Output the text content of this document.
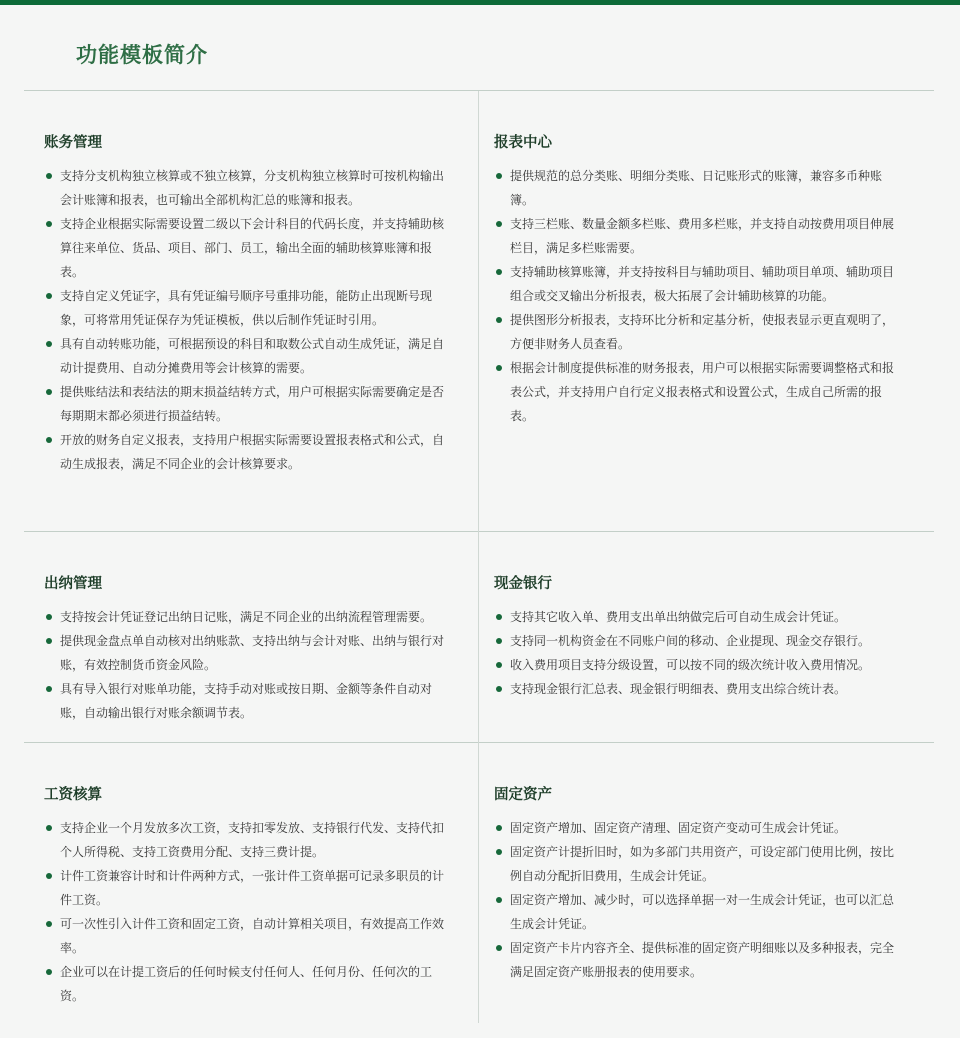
功能模板简介
账务管理
支持分支机构独立核算或不独立核算，分支机构独立核算时可按机构输出会计账簿和报表，也可输出全部机构汇总的账簿和报表。
支持企业根据实际需要设置二级以下会计科目的代码长度，并支持辅助核算往来单位、货品、项目、部门、员工，输出全面的辅助核算账簿和报表。
支持自定义凭证字，具有凭证编号顺序号重排功能，能防止出现断号现象，可将常用凭证保存为凭证模板，供以后制作凭证时引用。
具有自动转账功能，可根据预设的科目和取数公式自动生成凭证，满足自动计提费用、自动分摊费用等会计核算的需要。
提供账结法和表结法的期末损益结转方式，用户可根据实际需要确定是否每期期末都必须进行损益结转。
开放的财务自定义报表，支持用户根据实际需要设置报表格式和公式，自动生成报表，满足不同企业的会计核算要求。
报表中心
提供规范的总分类账、明细分类账、日记账形式的账簿，兼容多币种账簿。
支持三栏账、数量金额多栏账、费用多栏账，并支持自动按费用项目伸展栏目，满足多栏账需要。
支持辅助核算账簿，并支持按科目与辅助项目、辅助项目单项、辅助项目组合或交叉输出分析报表，极大拓展了会计辅助核算的功能。
提供图形分析报表，支持环比分析和定基分析，使报表显示更直观明了，方便非财务人员查看。
根据会计制度提供标准的财务报表，用户可以根据实际需要调整格式和报表公式，并支持用户自行定义报表格式和设置公式，生成自己所需的报表。
出纳管理
支持按会计凭证登记出纳日记账，满足不同企业的出纳流程管理需要。
提供现金盘点单自动核对出纳账款、支持出纳与会计对账、出纳与银行对账，有效控制货币资金风险。
具有导入银行对账单功能，支持手动对账或按日期、金额等条件自动对账，自动输出银行对账余额调节表。
现金银行
支持其它收入单、费用支出单出纳做完后可自动生成会计凭证。
支持同一机构资金在不同账户间的移动、企业提现、现金交存银行。
收入费用项目支持分级设置，可以按不同的级次统计收入费用情况。
支持现金银行汇总表、现金银行明细表、费用支出综合统计表。
工资核算
支持企业一个月发放多次工资，支持扣零发放、支持银行代发、支持代扣个人所得税、支持工资费用分配、支持三费计提。
计件工资兼容计时和计件两种方式，一张计件工资单据可记录多职员的计件工资。
可一次性引入计件工资和固定工资，自动计算相关项目，有效提高工作效率。
企业可以在计提工资后的任何时候支付任何人、任何月份、任何次的工资。
固定资产
固定资产增加、固定资产清理、固定资产变动可生成会计凭证。
固定资产计提折旧时，如为多部门共用资产，可设定部门使用比例，按比例自动分配折旧费用，生成会计凭证。
固定资产增加、减少时，可以选择单据一对一生成会计凭证，也可以汇总生成会计凭证。
固定资产卡片内容齐全、提供标准的固定资产明细账以及多种报表，完全满足固定资产账册报表的使用要求。
